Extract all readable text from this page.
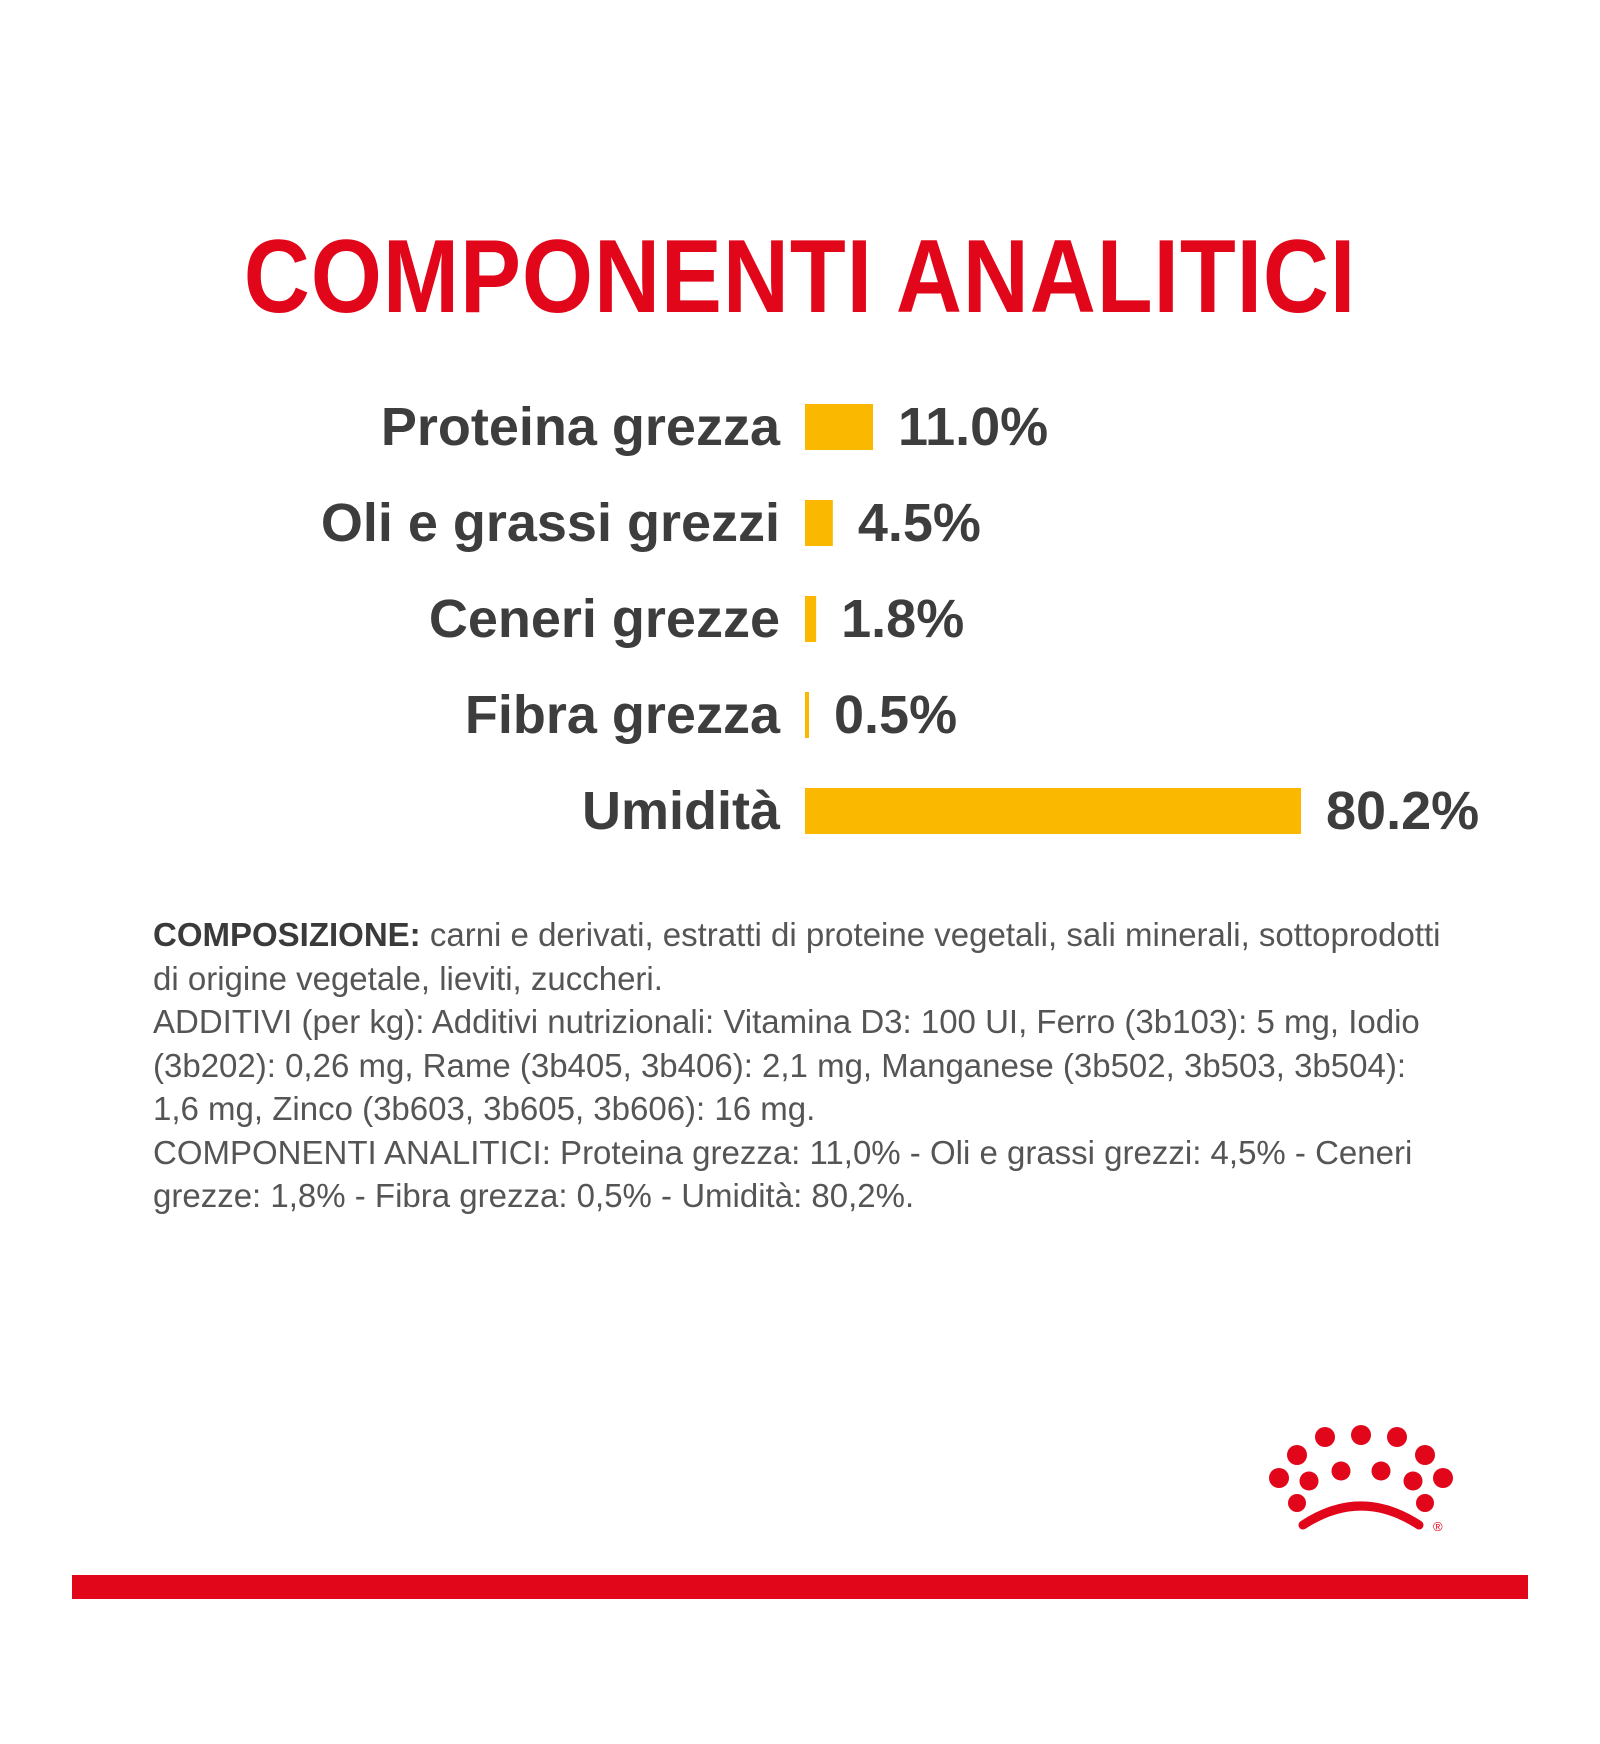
COMPONENTI ANALITICI
Proteina grezza 11.0%
Oli e grassi grezzi 4.5%
Ceneri grezze 1.8%
Fibra grezza 0.5%
Umidità	80.2%

COMPOSIZIONE: carni e derivati, estratti di proteine vegetali, sali minerali, sottoprodotti di origine vegetale, lieviti, zuccheri.

ADDITIVI (per kg): Additivi nutrizionali: Vitamina D3: 100 UI, Ferro (3b103): 5 mg, Iodio (3b202): 0,26 mg, Rame (3b405, 3b406): 2,1 mg, Manganese (3b502, 3b503, 3b504): 1,6 mg, Zinco (3b603, 3b605, 3b606): 16 mg.

COMPONENTI ANALITICI: Proteina grezza: 11,0% - Oli e grassi grezzi: 4,5% - Ceneri grezze: 1,8% - Fibra grezza: 0,5% - Umidità: 80,2%.

®
